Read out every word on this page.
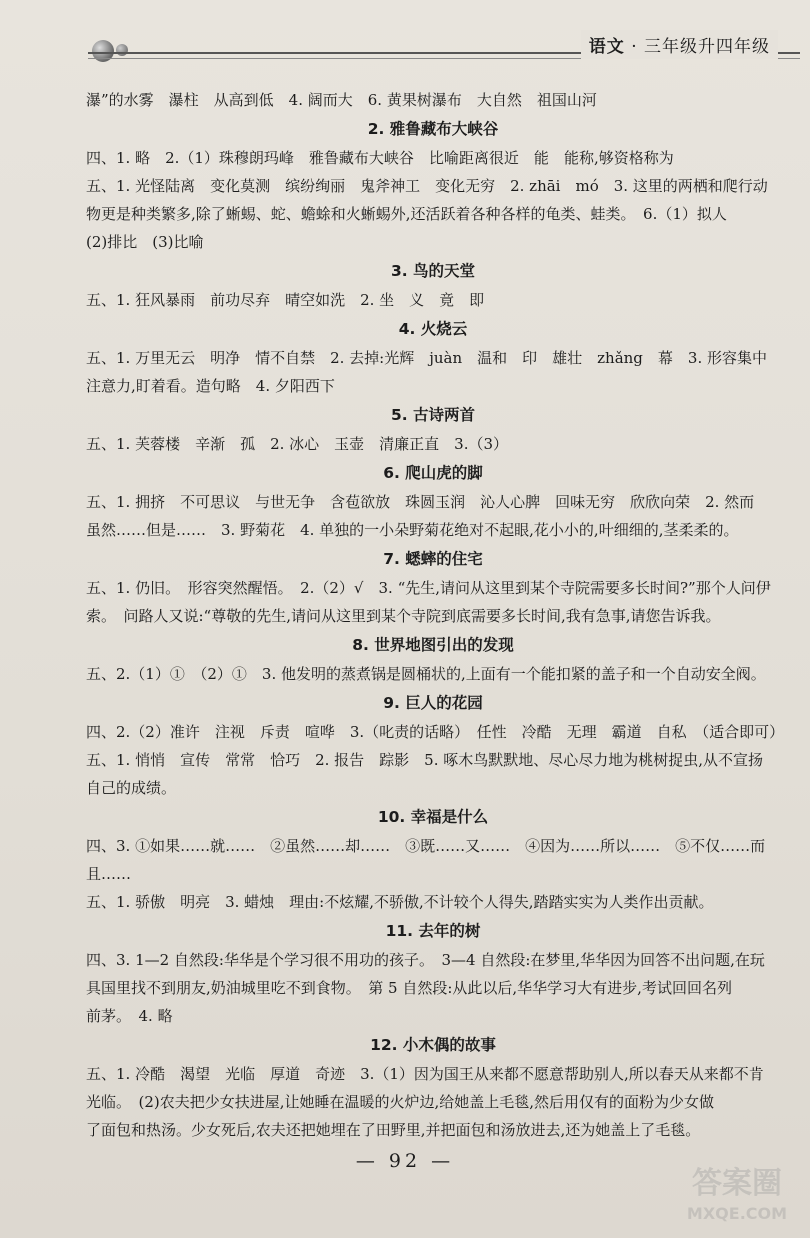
语文 · 三年级升四年级
瀑”的水雾　瀑柱　从高到低　4. 阔而大　6. 黄果树瀑布　大自然　祖国山河
2. 雅鲁藏布大峡谷
四、1. 略　2.（1）珠穆朗玛峰　雅鲁藏布大峡谷　比喻距离很近　能　能称,够资格称为
五、1. 光怪陆离　变化莫测　缤纷绚丽　鬼斧神工　变化无穷　2. zhāi　mó　3. 这里的两栖和爬行动
物更是种类繁多,除了蜥蜴、蛇、蟾蜍和火蜥蜴外,还活跃着各种各样的龟类、蛙类。　6.（1）拟人
(2)排比　(3)比喻
3. 鸟的天堂
五、1. 狂风暴雨　前功尽弃　晴空如洗　2. 坐　义　竟　即
4. 火烧云
五、1. 万里无云　明净　情不自禁　2. 去掉:光辉　juàn　温和　印　雄壮　zhǎng　幕　3. 形容集中
注意力,盯着看。造句略　4. 夕阳西下
5. 古诗两首
五、1. 芙蓉楼　辛渐　孤　2. 冰心　玉壶　清廉正直　3.（3）
6. 爬山虎的脚
五、1. 拥挤　不可思议　与世无争　含苞欲放　珠圆玉润　沁人心脾　回味无穷　欣欣向荣　2. 然而
虽然……但是……　3. 野菊花　4. 单独的一小朵野菊花绝对不起眼,花小小的,叶细细的,茎柔柔的。
7. 蟋蟀的住宅
五、1. 仍旧。　形容突然醒悟。　2.（2）√　3. “先生,请问从这里到某个寺院需要多长时间?”那个人问伊
索。　问路人又说:“尊敬的先生,请问从这里到某个寺院到底需要多长时间,我有急事,请您告诉我。
8. 世界地图引出的发现
五、2.（1）①　（2）①　3. 他发明的蒸煮锅是圆桶状的,上面有一个能扣紧的盖子和一个自动安全阀。
9. 巨人的花园
四、2.（2）准许　注视　斥责　喧哗　3.（叱责的话略）　任性　冷酷　无理　霸道　自私　（适合即可）
五、1. 悄悄　宣传　常常　恰巧　2. 报告　踪影　5. 啄木鸟默默地、尽心尽力地为桃树捉虫,从不宣扬
自己的成绩。
10. 幸福是什么
四、3. ①如果……就……　②虽然……却……　③既……又……　④因为……所以……　⑤不仅……而
且……
五、1. 骄傲　明亮　3. 蜡烛　理由:不炫耀,不骄傲,不计较个人得失,踏踏实实为人类作出贡献。
11. 去年的树
四、3. 1—2 自然段:华华是个学习很不用功的孩子。　3—4 自然段:在梦里,华华因为回答不出问题,在玩
具国里找不到朋友,奶油城里吃不到食物。　第 5 自然段:从此以后,华华学习大有进步,考试回回名列
前茅。　4. 略
12. 小木偶的故事
五、1. 冷酷　渴望　光临　厚道　奇迹　3.（1）因为国王从来都不愿意帮助别人,所以春天从来都不肯
光临。　(2)农夫把少女扶进屋,让她睡在温暖的火炉边,给她盖上毛毯,然后用仅有的面粉为少女做
了面包和热汤。少女死后,农夫还把她埋在了田野里,并把面包和汤放进去,还为她盖上了毛毯。
— 92 —
答案圈
MXQE.COM
